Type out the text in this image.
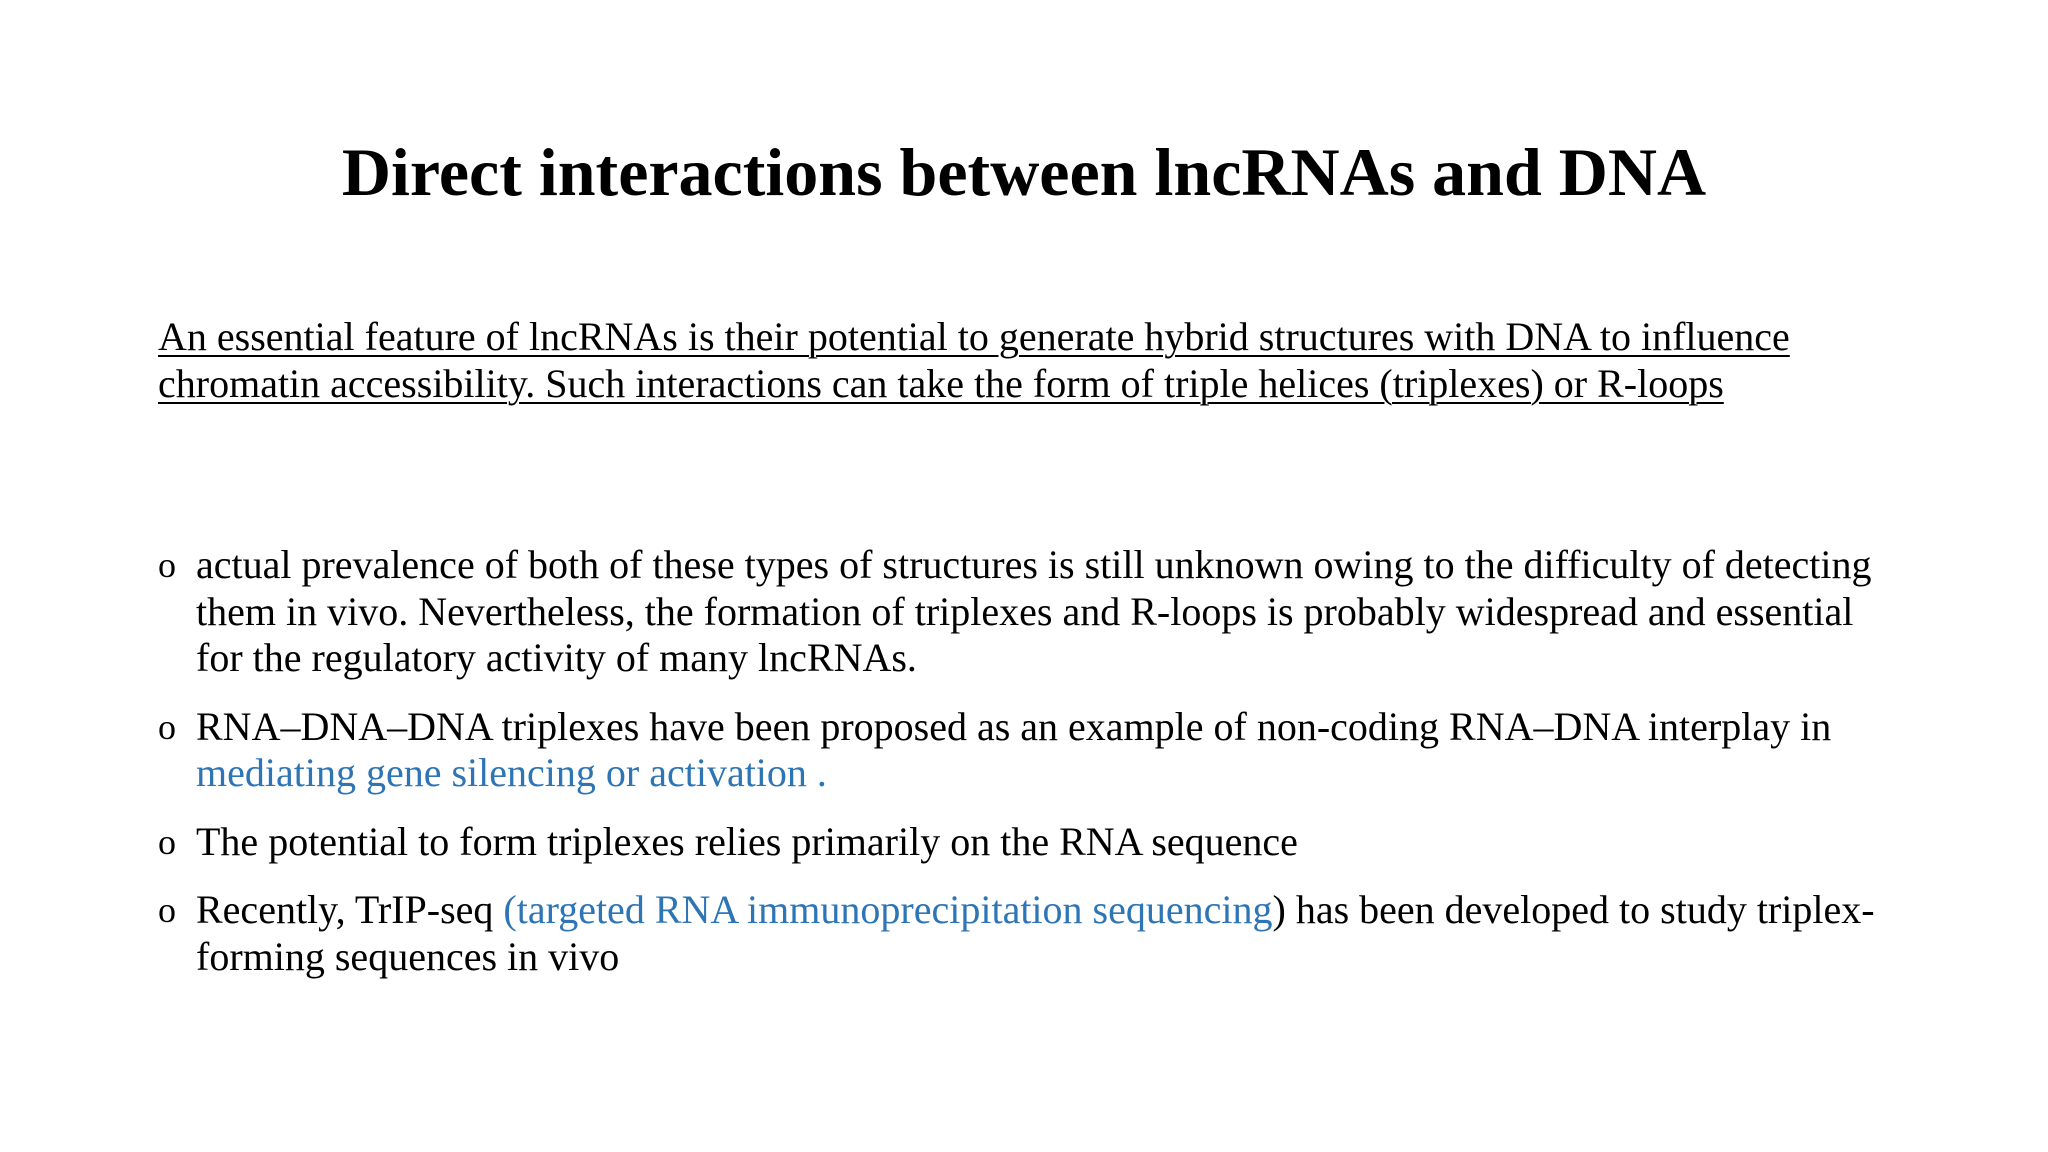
Direct interactions between lncRNAs and DNA

An essential feature of lncRNAs is their potential to generate hybrid structures with DNA to influence chromatin accessibility. Such interactions can take the form of triple helices (triplexes) or R-loops

o actual prevalence of both of these types of structures is still unknown owing to the difficulty of detecting them in vivo. Nevertheless, the formation of triplexes and R-loops is probably widespread and essential for the regulatory activity of many lncRNAs.
o RNA–DNA–DNA triplexes have been proposed as an example of non-coding RNA–DNA interplay in mediating gene silencing or activation .
o The potential to form triplexes relies primarily on the RNA sequence
o Recently, TrIP-seq (targeted RNA immunoprecipitation sequencing) has been developed to study triplex-forming sequences in vivo
